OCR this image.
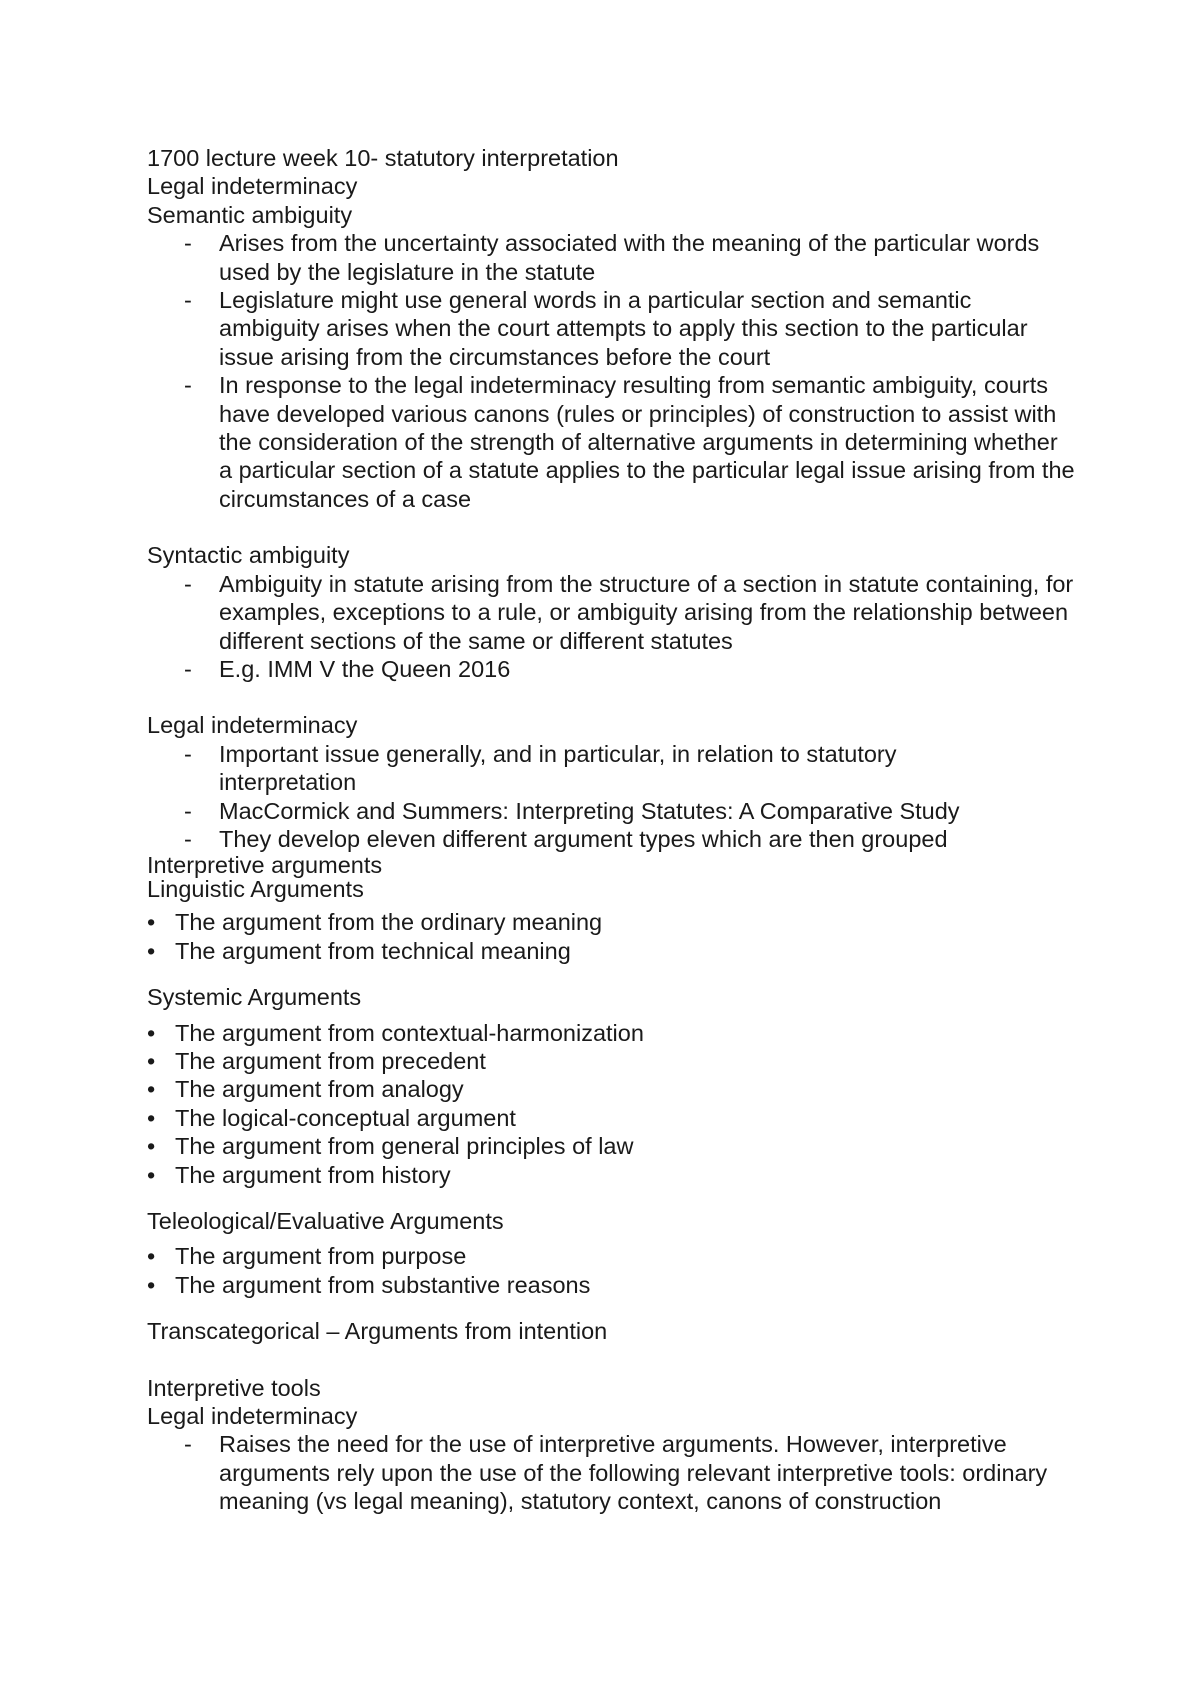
1700 lecture week 10- statutory interpretation

Legal indeterminacy

Semantic ambiguity

- Arises from the uncertainty associated with the meaning of the particular words used by the legislature in the statute
- Legislature might use general words in a particular section and semantic ambiguity arises when the court attempts to apply this section to the particular issue arising from the circumstances before the court
- In response to the legal indeterminacy resulting from semantic ambiguity, courts have developed various canons (rules or principles) of construction to assist with the consideration of the strength of alternative arguments in determining whether a particular section of a statute applies to the particular legal issue arising from the circumstances of a case

Syntactic ambiguity

- Ambiguity in statute arising from the structure of a section in statute containing, for examples, exceptions to a rule, or ambiguity arising from the relationship between different sections of the same or different statutes
- E.g. IMM V the Queen 2016

Legal indeterminacy

- Important issue generally, and in particular, in relation to statutory interpretation
- MacCormick and Summers: Interpreting Statutes: A Comparative Study
- They develop eleven different argument types which are then grouped

Interpretive arguments

Linguistic Arguments

• The argument from the ordinary meaning
• The argument from technical meaning

Systemic Arguments

• The argument from contextual-harmonization
• The argument from precedent
• The argument from analogy
• The logical-conceptual argument
• The argument from general principles of law
• The argument from history

Teleological/Evaluative Arguments

• The argument from purpose
• The argument from substantive reasons

Transcategorical – Arguments from intention

Interpretive tools

Legal indeterminacy

- Raises the need for the use of interpretive arguments. However, interpretive arguments rely upon the use of the following relevant interpretive tools: ordinary meaning (vs legal meaning), statutory context, canons of construction
